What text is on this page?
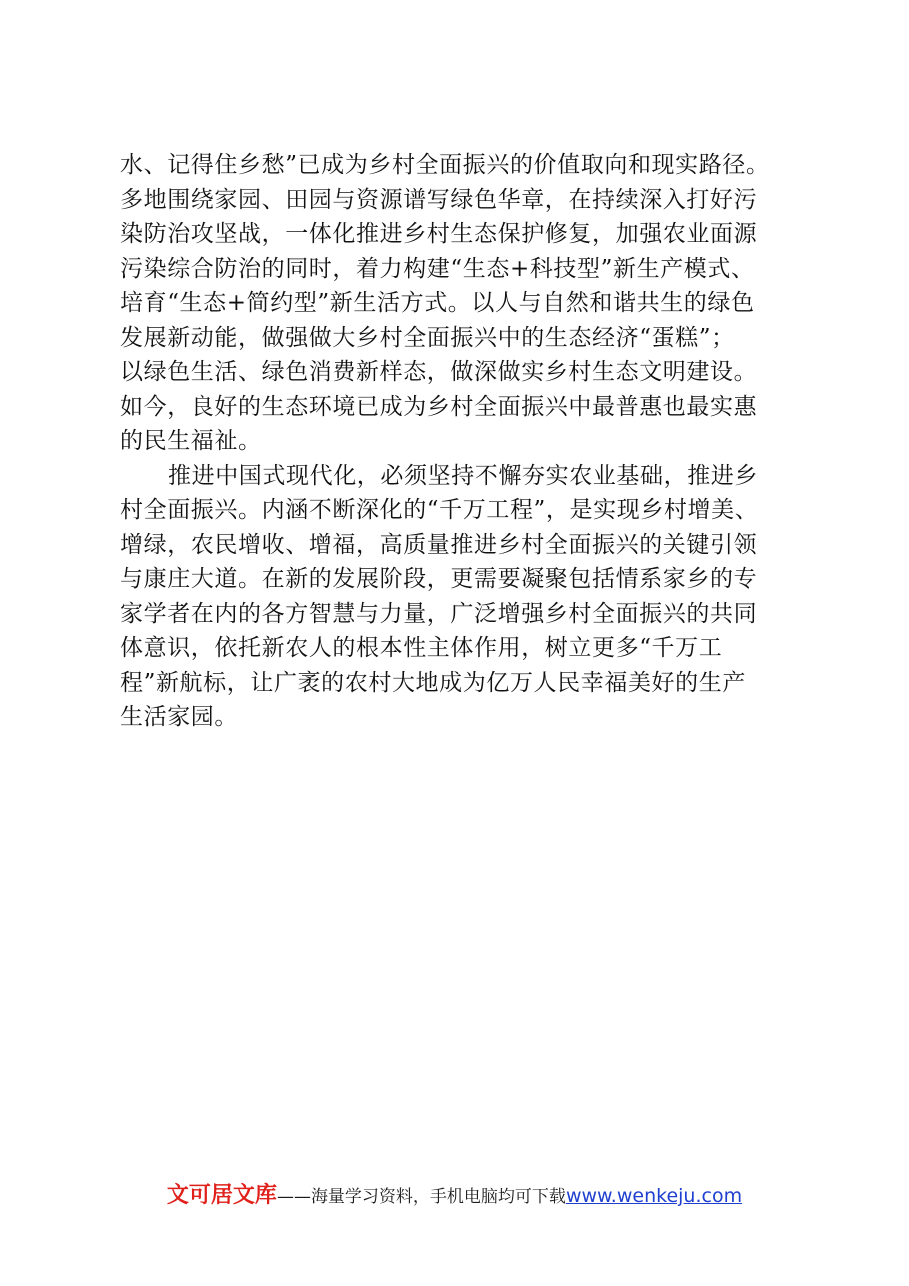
水、记得住乡愁”已成为乡村全面振兴的价值取向和现实路径。
多地围绕家园、田园与资源谱写绿色华章，在持续深入打好污
染防治攻坚战，一体化推进乡村生态保护修复，加强农业面源
污染综合防治的同时，着力构建“生态+科技型”新生产模式、
培育“生态+简约型”新生活方式。以人与自然和谐共生的绿色
发展新动能，做强做大乡村全面振兴中的生态经济“蛋糕”；
以绿色生活、绿色消费新样态，做深做实乡村生态文明建设。
如今，良好的生态环境已成为乡村全面振兴中最普惠也最实惠
的民生福祉。
推进中国式现代化，必须坚持不懈夯实农业基础，推进乡
村全面振兴。内涵不断深化的“千万工程”，是实现乡村增美、
增绿，农民增收、增福，高质量推进乡村全面振兴的关键引领
与康庄大道。在新的发展阶段，更需要凝聚包括情系家乡的专
家学者在内的各方智慧与力量，广泛增强乡村全面振兴的共同
体意识，依托新农人的根本性主体作用，树立更多“千万工
程”新航标，让广袤的农村大地成为亿万人民幸福美好的生产
生活家园。
文可居文库——海量学习资料，手机电脑均可下载www.wenkeju.com
